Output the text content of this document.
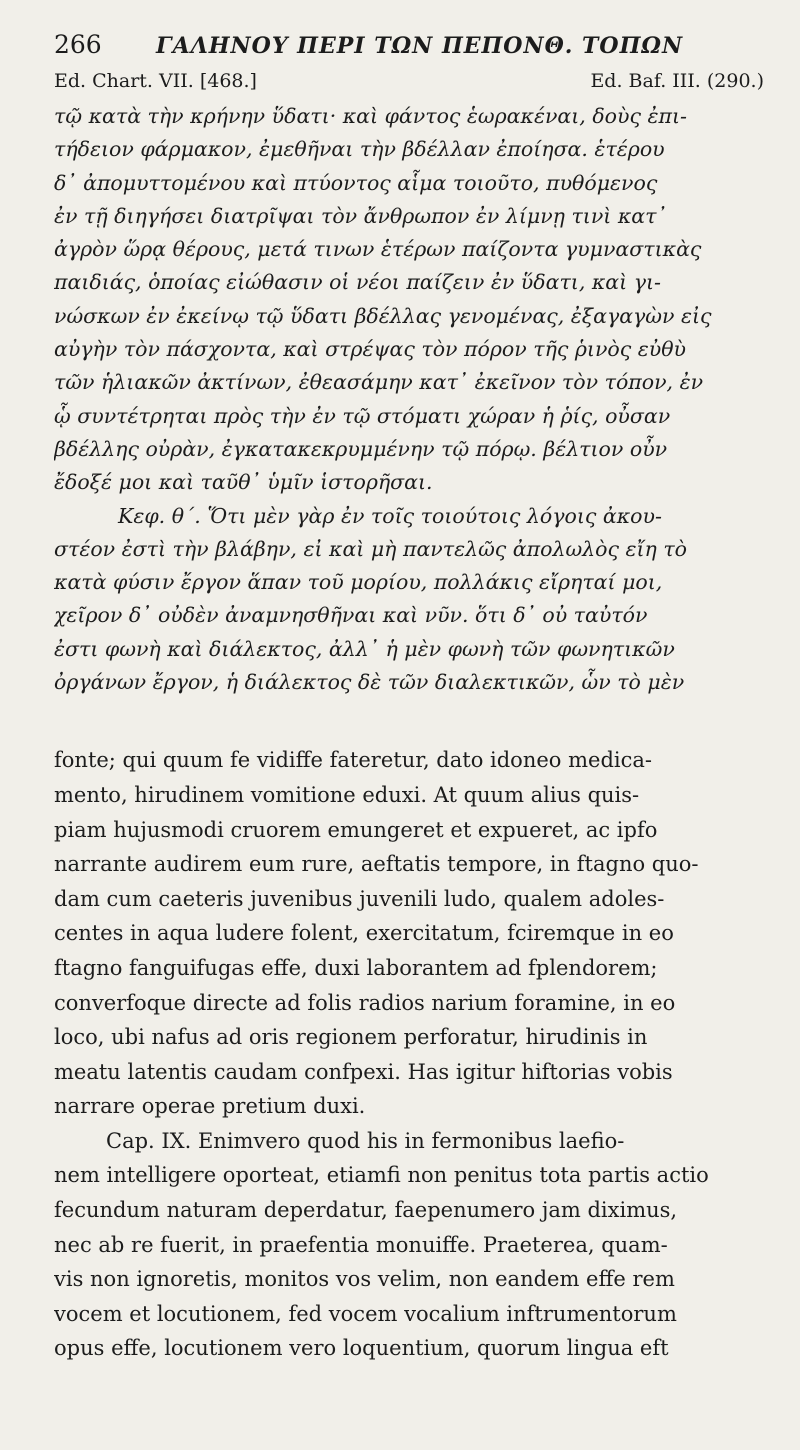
266	ΓΑΛΗΝΟΥ ΠΕΡΙ ΤΩΝ ΠΕΠΟΝΘ. ΤΟΠΩΝ
Ed. Chart. VII. [468.]	Ed. Baf. III. (290.)
τῷ κατὰ τὴν κρήνην ὕδατι· καὶ φάντος ἑωρακέναι, δοὺς ἐπι-
τήδειον φάρμακον, ἐμεθῆναι τὴν βδέλλαν ἐποίησα. ἑτέρου
δ᾽ ἀπομυττομένου καὶ πτύοντος αἷμα τοιοῦτο, πυθόμενος
ἐν τῇ διηγήσει διατρῖψαι τὸν ἄνθρωπον ἐν λίμνῃ τινὶ κατ᾽
ἀγρὸν ὥρᾳ θέρους, μετά τινων ἑτέρων παίζοντα γυμναστικὰς
παιδιάς, ὁποίας εἰώθασιν οἱ νέοι παίζειν ἐν ὕδατι, καὶ γι-
νώσκων ἐν ἐκείνῳ τῷ ὕδατι βδέλλας γενομένας, ἐξαγαγὼν εἰς
αὐγὴν τὸν πάσχοντα, καὶ στρέψας τὸν πόρον τῆς ῥινὸς εὐθὺ
τῶν ἡλιακῶν ἀκτίνων, ἐθεασάμην κατ᾽ ἐκεῖνον τὸν τόπον, ἐν
ᾧ συντέτρηται πρὸς τὴν ἐν τῷ στόματι χώραν ἡ ῥίς, οὖσαν
βδέλλης οὐρὰν, ἐγκατακεκρυμμένην τῷ πόρῳ. βέλτιον οὖν
ἔδοξέ μοι καὶ ταῦθ᾽ ὑμῖν ἱστορῆσαι.
Κεφ. θ΄. Ὅτι μὲν γὰρ ἐν τοῖς τοιούτοις λόγοις ἀκου-
στέον ἐστὶ τὴν βλάβην, εἰ καὶ μὴ παντελῶς ἀπολωλὸς εἴη τὸ
κατὰ φύσιν ἔργον ἅπαν τοῦ μορίου, πολλάκις εἴρηταί μοι,
χεῖρον δ᾽ οὐδὲν ἀναμνησθῆναι καὶ νῦν. ὅτι δ᾽ οὐ ταὐτόν
ἐστι φωνὴ καὶ διάλεκτος, ἀλλ᾽ ἡ μὲν φωνὴ τῶν φωνητικῶν
ὀργάνων ἔργον, ἡ διάλεκτος δὲ τῶν διαλεκτικῶν, ὧν τὸ μὲν
fonte; qui quum fe vidiffe fateretur, dato idoneo medica-
mento, hirudinem vomitione eduxi. At quum alius quis-
piam hujusmodi cruorem emungeret et expueret, ac ipfo
narrante audirem eum rure, aeftatis tempore, in ftagno quo-
dam cum caeteris juvenibus juvenili ludo, qualem adoles-
centes in aqua ludere folent, exercitatum, fciremque in eo
ftagno fanguifugas effe, duxi laborantem ad fplendorem;
converfoque directe ad folis radios narium foramine, in eo
loco, ubi nafus ad oris regionem perforatur, hirudinis in
meatu latentis caudam confpexi. Has igitur hiftorias vobis
narrare operae pretium duxi.
Cap. IX. Enimvero quod his in fermonibus laefio-
nem intelligere oporteat, etiamfi non penitus tota partis actio
fecundum naturam deperdatur, faepenumero jam diximus,
nec ab re fuerit, in praefentia monuiffe. Praeterea, quam-
vis non ignoretis, monitos vos velim, non eandem effe rem
vocem et locutionem, fed vocem vocalium inftrumentorum
opus effe, locutionem vero loquentium, quorum lingua eft
